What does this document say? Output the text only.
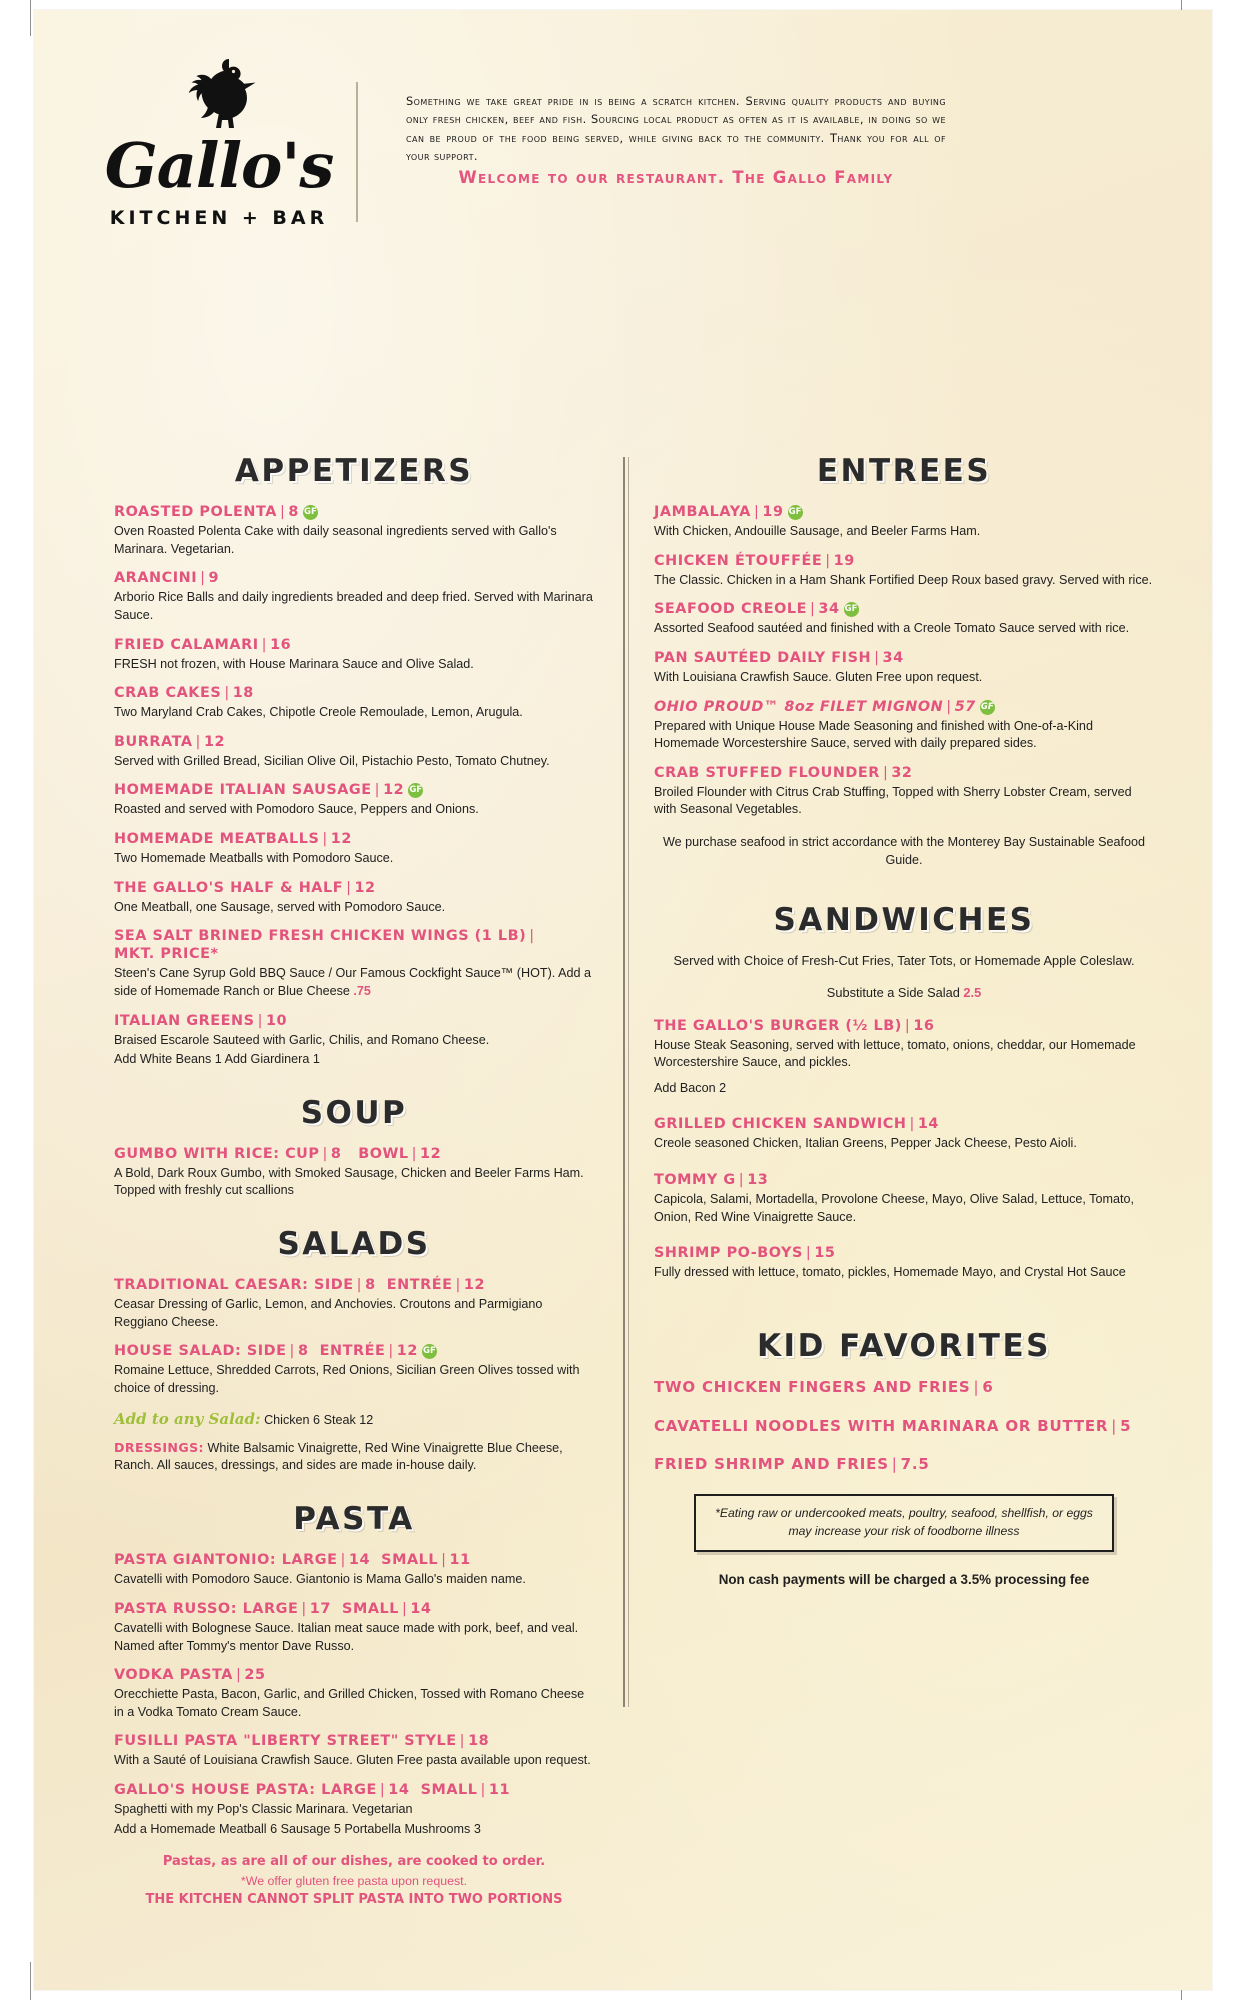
Gallo's
KITCHEN + BAR
Something we take great pride in is being a scratch kitchen. Serving quality products and buying only fresh chicken, beef and fish. Sourcing local product as often as it is available, in doing so we can be proud of the food being served, while giving back to the community. Thank you for all of your support.
Welcome to our restaurant. The Gallo Family
APPETIZERS
ROASTED POLENTA | 8 GF
Oven Roasted Polenta Cake with daily seasonal ingredients served with Gallo's Marinara. Vegetarian.
ARANCINI | 9
Arborio Rice Balls and daily ingredients breaded and deep fried. Served with Marinara Sauce.
FRIED CALAMARI | 16
FRESH not frozen, with House Marinara Sauce and Olive Salad.
CRAB CAKES | 18
Two Maryland Crab Cakes, Chipotle Creole Remoulade, Lemon, Arugula.
BURRATA | 12
Served with Grilled Bread, Sicilian Olive Oil, Pistachio Pesto, Tomato Chutney.
HOMEMADE ITALIAN SAUSAGE | 12 GF
Roasted and served with Pomodoro Sauce, Peppers and Onions.
HOMEMADE MEATBALLS | 12
Two Homemade Meatballs with Pomodoro Sauce.
THE GALLO'S HALF & HALF | 12
One Meatball, one Sausage, served with Pomodoro Sauce.
SEA SALT BRINED FRESH CHICKEN WINGS (1 LB) |
MKT. PRICE*
Steen's Cane Syrup Gold BBQ Sauce / Our Famous Cockfight Sauce™ (HOT). Add a side of Homemade Ranch or Blue Cheese .75
ITALIAN GREENS | 10
Braised Escarole Sauteed with Garlic, Chilis, and Romano Cheese.
Add White Beans 1 Add Giardinera 1
SOUP
GUMBO WITH RICE: CUP | 8 BOWL | 12
A Bold, Dark Roux Gumbo, with Smoked Sausage, Chicken and Beeler Farms Ham. Topped with freshly cut scallions
SALADS
TRADITIONAL CAESAR: SIDE | 8 ENTRÉE | 12
Ceasar Dressing of Garlic, Lemon, and Anchovies. Croutons and Parmigiano Reggiano Cheese.
HOUSE SALAD: SIDE | 8 ENTRÉE | 12 GF
Romaine Lettuce, Shredded Carrots, Red Onions, Sicilian Green Olives tossed with choice of dressing.
Add to any Salad: Chicken 6 Steak 12
DRESSINGS: White Balsamic Vinaigrette, Red Wine Vinaigrette Blue Cheese, Ranch. All sauces, dressings, and sides are made in-house daily.
PASTA
PASTA GIANTONIO: LARGE | 14 SMALL | 11
Cavatelli with Pomodoro Sauce. Giantonio is Mama Gallo's maiden name.
PASTA RUSSO: LARGE | 17 SMALL | 14
Cavatelli with Bolognese Sauce. Italian meat sauce made with pork, beef, and veal. Named after Tommy's mentor Dave Russo.
VODKA PASTA | 25
Orecchiette Pasta, Bacon, Garlic, and Grilled Chicken, Tossed with Romano Cheese in a Vodka Tomato Cream Sauce.
FUSILLI PASTA "LIBERTY STREET" STYLE | 18
With a Sauté of Louisiana Crawfish Sauce. Gluten Free pasta available upon request.
GALLO'S HOUSE PASTA: LARGE | 14 SMALL | 11
Spaghetti with my Pop's Classic Marinara. Vegetarian
Add a Homemade Meatball 6 Sausage 5 Portabella Mushrooms 3
Pastas, as are all of our dishes, are cooked to order.
*We offer gluten free pasta upon request.
THE KITCHEN CANNOT SPLIT PASTA INTO TWO PORTIONS
ENTREES
JAMBALAYA | 19 GF
With Chicken, Andouille Sausage, and Beeler Farms Ham.
CHICKEN ÉTOUFFÉE | 19
The Classic. Chicken in a Ham Shank Fortified Deep Roux based gravy. Served with rice.
SEAFOOD CREOLE | 34 GF
Assorted Seafood sautéed and finished with a Creole Tomato Sauce served with rice.
PAN SAUTÉED DAILY FISH | 34
With Louisiana Crawfish Sauce. Gluten Free upon request.
OHIO PROUD™ 8oz FILET MIGNON | 57 GF
Prepared with Unique House Made Seasoning and finished with One-of-a-Kind Homemade Worcestershire Sauce, served with daily prepared sides.
CRAB STUFFED FLOUNDER | 32
Broiled Flounder with Citrus Crab Stuffing, Topped with Sherry Lobster Cream, served with Seasonal Vegetables.
We purchase seafood in strict accordance with the Monterey Bay Sustainable Seafood Guide.
SANDWICHES
Served with Choice of Fresh-Cut Fries, Tater Tots, or Homemade Apple Coleslaw.
Substitute a Side Salad 2.5
THE GALLO'S BURGER (½ LB) | 16
House Steak Seasoning, served with lettuce, tomato, onions, cheddar, our Homemade Worcestershire Sauce, and pickles.
Add Bacon 2
GRILLED CHICKEN SANDWICH | 14
Creole seasoned Chicken, Italian Greens, Pepper Jack Cheese, Pesto Aioli.
TOMMY G | 13
Capicola, Salami, Mortadella, Provolone Cheese, Mayo, Olive Salad, Lettuce, Tomato, Onion, Red Wine Vinaigrette Sauce.
SHRIMP PO-BOYS | 15
Fully dressed with lettuce, tomato, pickles, Homemade Mayo, and Crystal Hot Sauce
KID FAVORITES
TWO CHICKEN FINGERS AND FRIES | 6
CAVATELLI NOODLES WITH MARINARA OR BUTTER | 5
FRIED SHRIMP AND FRIES | 7.5
*Eating raw or undercooked meats, poultry, seafood, shellfish, or eggs may increase your risk of foodborne illness
Non cash payments will be charged a 3.5% processing fee
